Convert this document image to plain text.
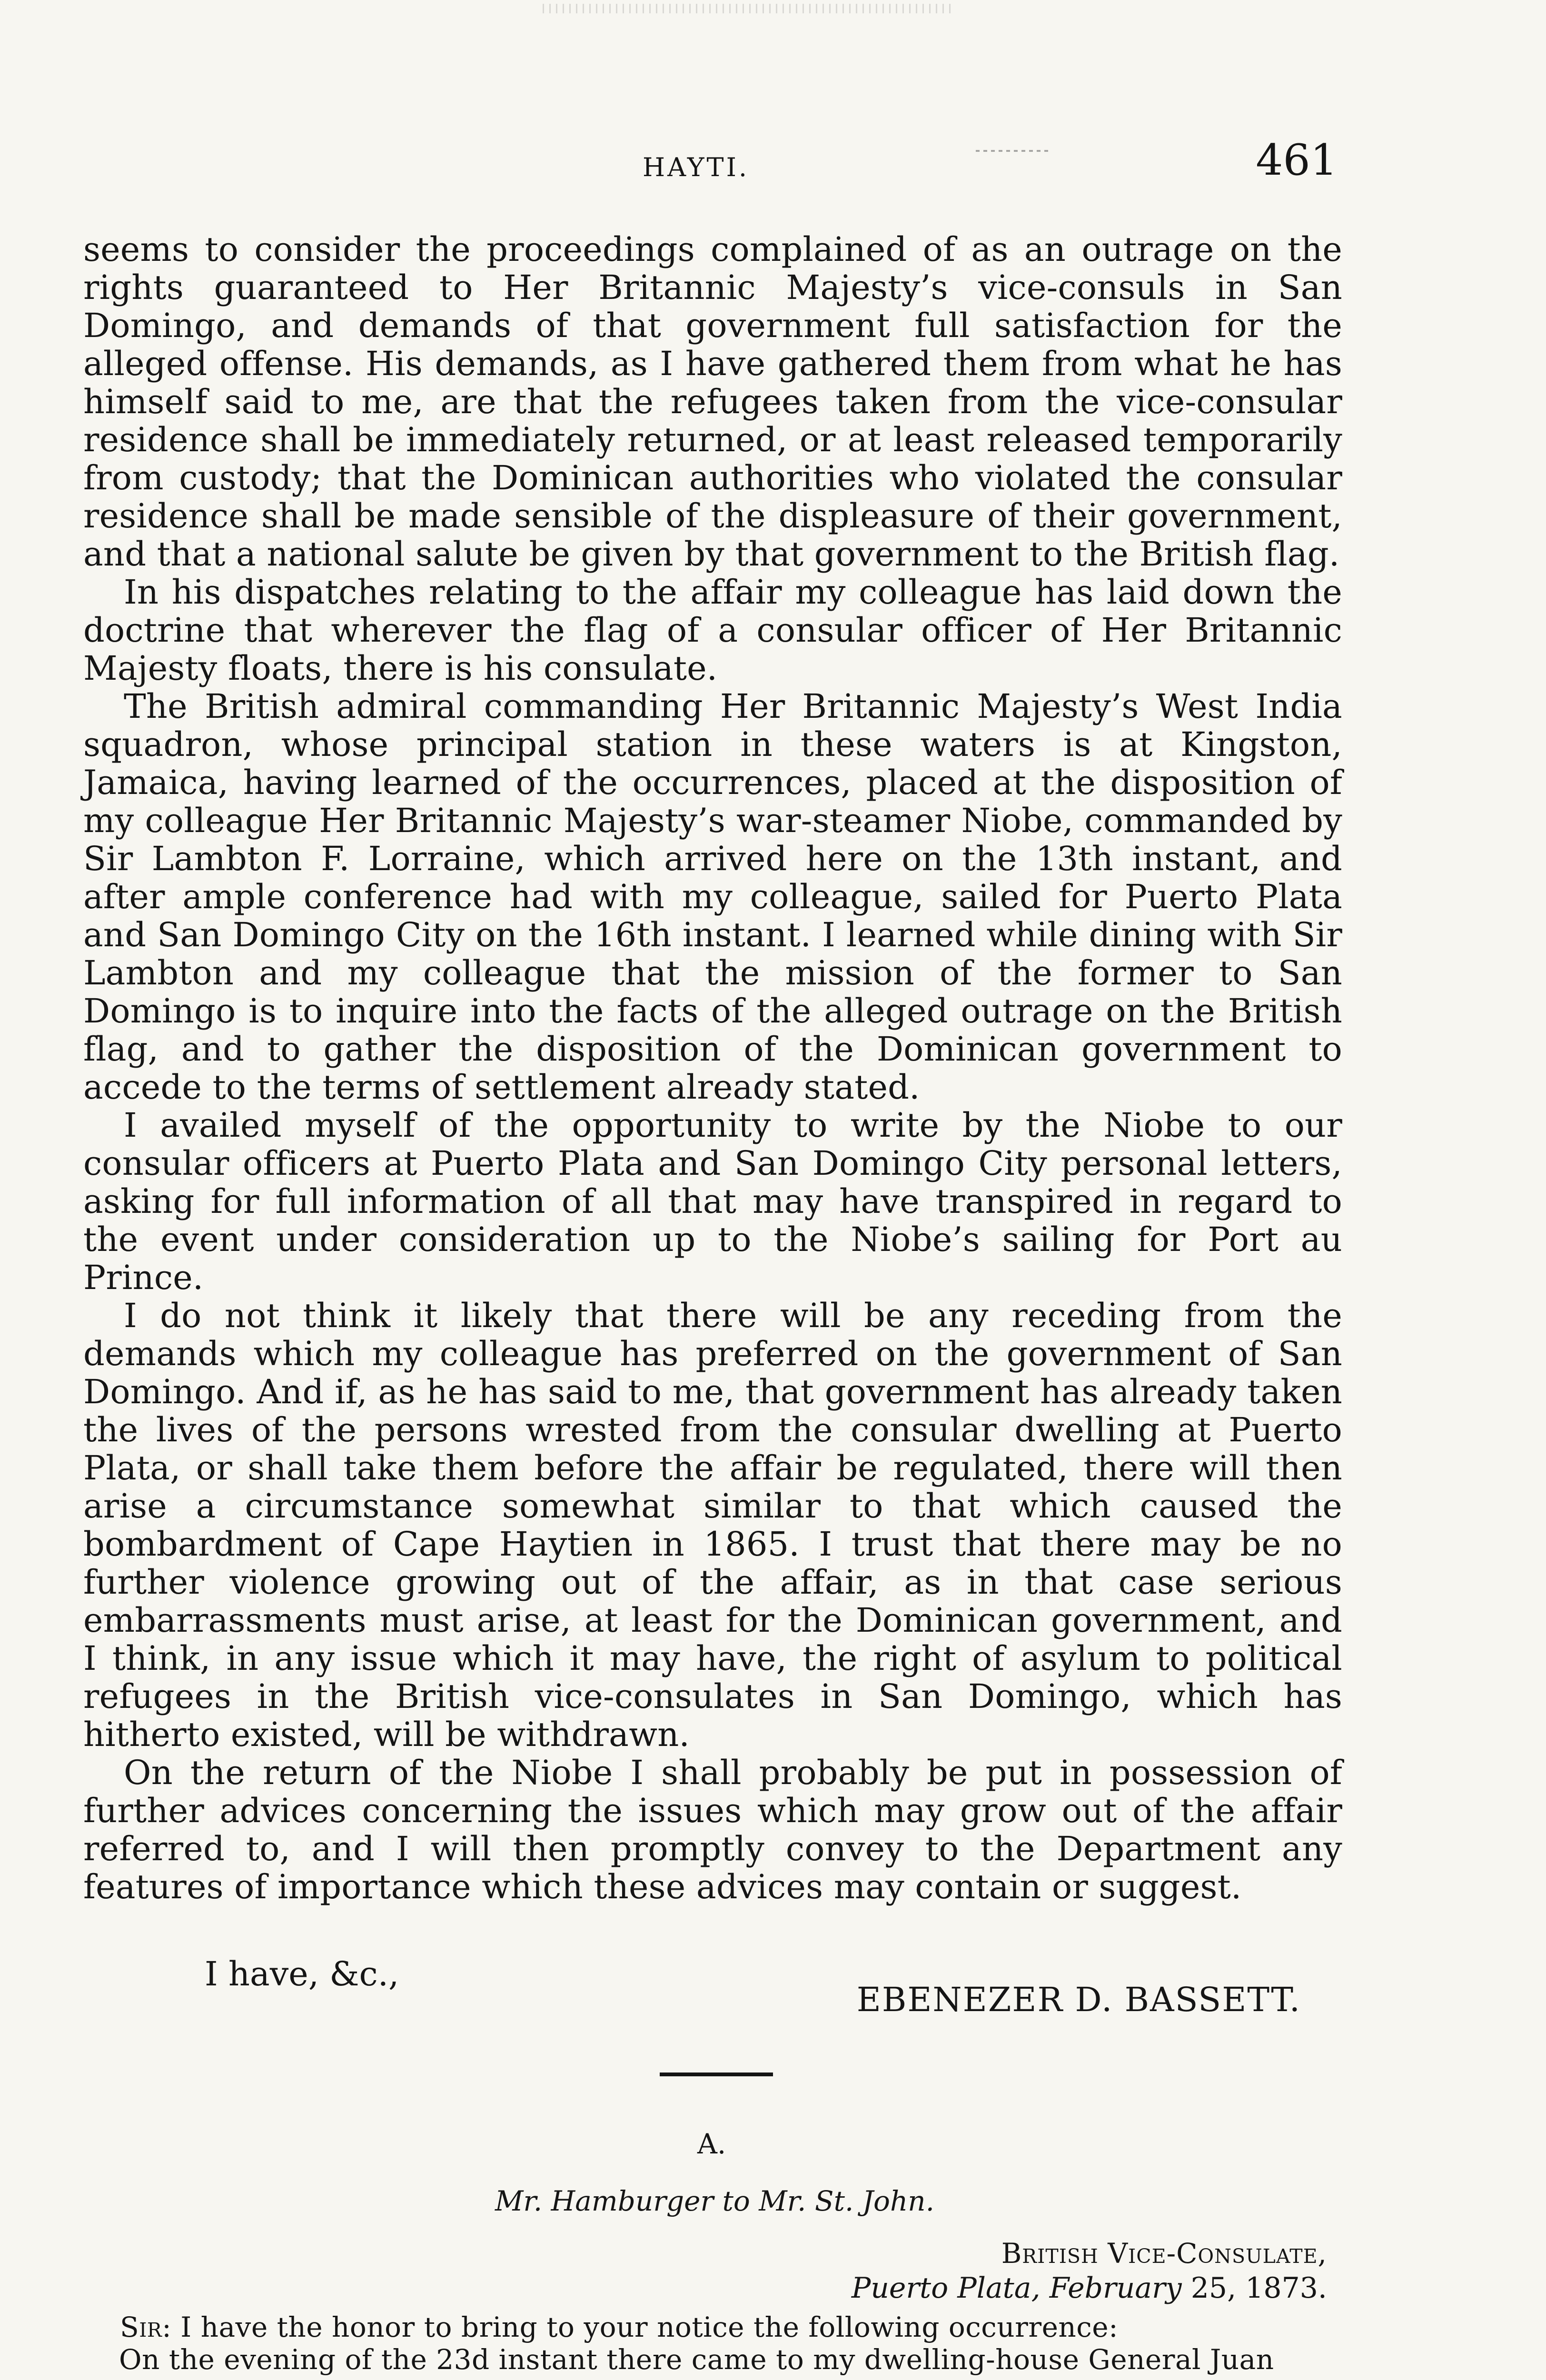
HAYTI.	461

seems to consider the proceedings complained of as an outrage on the rights guaranteed to Her Britannic Majesty’s vice-consuls in San Domingo, and demands of that government full satisfaction for the alleged offense. His demands, as I have gathered them from what he has himself said to me, are that the refugees taken from the vice-consular residence shall be immediately returned, or at least released temporarily from custody; that the Dominican authorities who violated the consular residence shall be made sensible of the displeasure of their government, and that a national salute be given by that government to the British flag.

In his dispatches relating to the affair my colleague has laid down the doctrine that wherever the flag of a consular officer of Her Britannic Majesty floats, there is his consulate.

The British admiral commanding Her Britannic Majesty’s West India squadron, whose principal station in these waters is at Kingston, Jamaica, having learned of the occurrences, placed at the disposition of my colleague Her Britannic Majesty’s war-steamer Niobe, commanded by Sir Lambton F. Lorraine, which arrived here on the 13th instant, and after ample conference had with my colleague, sailed for Puerto Plata and San Domingo City on the 16th instant. I learned while dining with Sir Lambton and my colleague that the mission of the former to San Domingo is to inquire into the facts of the alleged outrage on the British flag, and to gather the disposition of the Dominican government to accede to the terms of settlement already stated.

I availed myself of the opportunity to write by the Niobe to our consular officers at Puerto Plata and San Domingo City personal letters, asking for full information of all that may have transpired in regard to the event under consideration up to the Niobe’s sailing for Port au Prince.

I do not think it likely that there will be any receding from the demands which my colleague has preferred on the government of San Domingo. And if, as he has said to me, that government has already taken the lives of the persons wrested from the consular dwelling at Puerto Plata, or shall take them before the affair be regulated, there will then arise a circumstance somewhat similar to that which caused the bombardment of Cape Haytien in 1865. I trust that there may be no further violence growing out of the affair, as in that case serious embarrassments must arise, at least for the Dominican government, and I think, in any issue which it may have, the right of asylum to political refugees in the British vice-consulates in San Domingo, which has hitherto existed, will be withdrawn.

On the return of the Niobe I shall probably be put in possession of further advices concerning the issues which may grow out of the affair referred to, and I will then promptly convey to the Department any features of importance which these advices may contain or suggest.

I have, &c.,
EBENEZER D. BASSETT.
A.
Mr. Hamburger to Mr. St. John.
British Vice-Consulate,
Puerto Plata, February 25, 1873.
Sir: I have the honor to bring to your notice the following occurrence:
On the evening of the 23d instant there came to my dwelling-house General Juan
